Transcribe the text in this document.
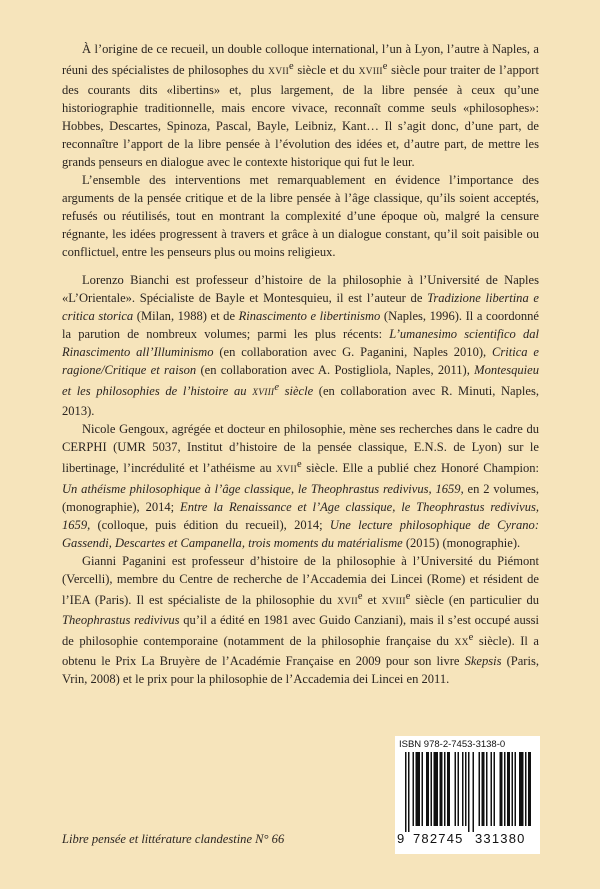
À l’origine de ce recueil, un double colloque international, l’un à Lyon, l’autre à Naples, a réuni des spécialistes de philosophes du XVIIe siècle et du XVIIIe siècle pour traiter de l’apport des courants dits «libertins» et, plus largement, de la libre pensée à ceux qu’une historiographie traditionnelle, mais encore vivace, reconnaît comme seuls «philosophes»: Hobbes, Descartes, Spinoza, Pascal, Bayle, Leibniz, Kant… Il s’agit donc, d’une part, de reconnaître l’apport de la libre pensée à l’évolution des idées et, d’autre part, de mettre les grands penseurs en dialogue avec le contexte historique qui fut le leur.

L’ensemble des interventions met remarquablement en évidence l’importance des arguments de la pensée critique et de la libre pensée à l’âge classique, qu’ils soient acceptés, refusés ou réutilisés, tout en montrant la complexité d’une époque où, malgré la censure régnante, les idées progressent à travers et grâce à un dialogue constant, qu’il soit paisible ou conflictuel, entre les penseurs plus ou moins religieux.

Lorenzo Bianchi est professeur d’histoire de la philosophie à l’Université de Naples «L’Orientale». Spécialiste de Bayle et Montesquieu, il est l’auteur de Tradizione libertina e critica storica (Milan, 1988) et de Rinascimento e libertinismo (Naples, 1996). Il a coordonné la parution de nombreux volumes; parmi les plus récents: L’umanesimo scientifico dal Rinascimento all’Illuminismo (en collaboration avec G. Paganini, Naples 2010), Critica e ragione/Critique et raison (en collaboration avec A. Postigliola, Naples, 2011), Montesquieu et les philosophies de l’histoire au XVIIIe siècle (en collaboration avec R. Minuti, Naples, 2013).

Nicole Gengoux, agrégée et docteur en philosophie, mène ses recherches dans le cadre du CERPHI (UMR 5037, Institut d’histoire de la pensée classique, E.N.S. de Lyon) sur le libertinage, l’incrédulité et l’athéisme au XVIIe siècle. Elle a publié chez Honoré Champion: Un athéisme philosophique à l’âge classique, le Theophrastus redivivus, 1659, en 2 volumes, (monographie), 2014; Entre la Renaissance et l’Age classique, le Theophrastus redivivus, 1659, (colloque, puis édition du recueil), 2014; Une lecture philosophique de Cyrano: Gassendi, Descartes et Campanella, trois moments du matérialisme (2015) (monographie).

Gianni Paganini est professeur d’histoire de la philosophie à l’Université du Piémont (Vercelli), membre du Centre de recherche de l’Accademia dei Lincei (Rome) et résident de l’IEA (Paris). Il est spécialiste de la philosophie du XVIIe et XVIIIe siècle (en particulier du Theophrastus redivivus qu’il a édité en 1981 avec Guido Canziani), mais il s’est occupé aussi de philosophie contemporaine (notamment de la philosophie française du XXe siècle). Il a obtenu le Prix La Bruyère de l’Académie Française en 2009 pour son livre Skepsis (Paris, Vrin, 2008) et le prix pour la philosophie de l’Accademia dei Lincei en 2011.

Libre pensée et littérature clandestine N° 66
ISBN 978-2-7453-3138-0
9 782745 331380
